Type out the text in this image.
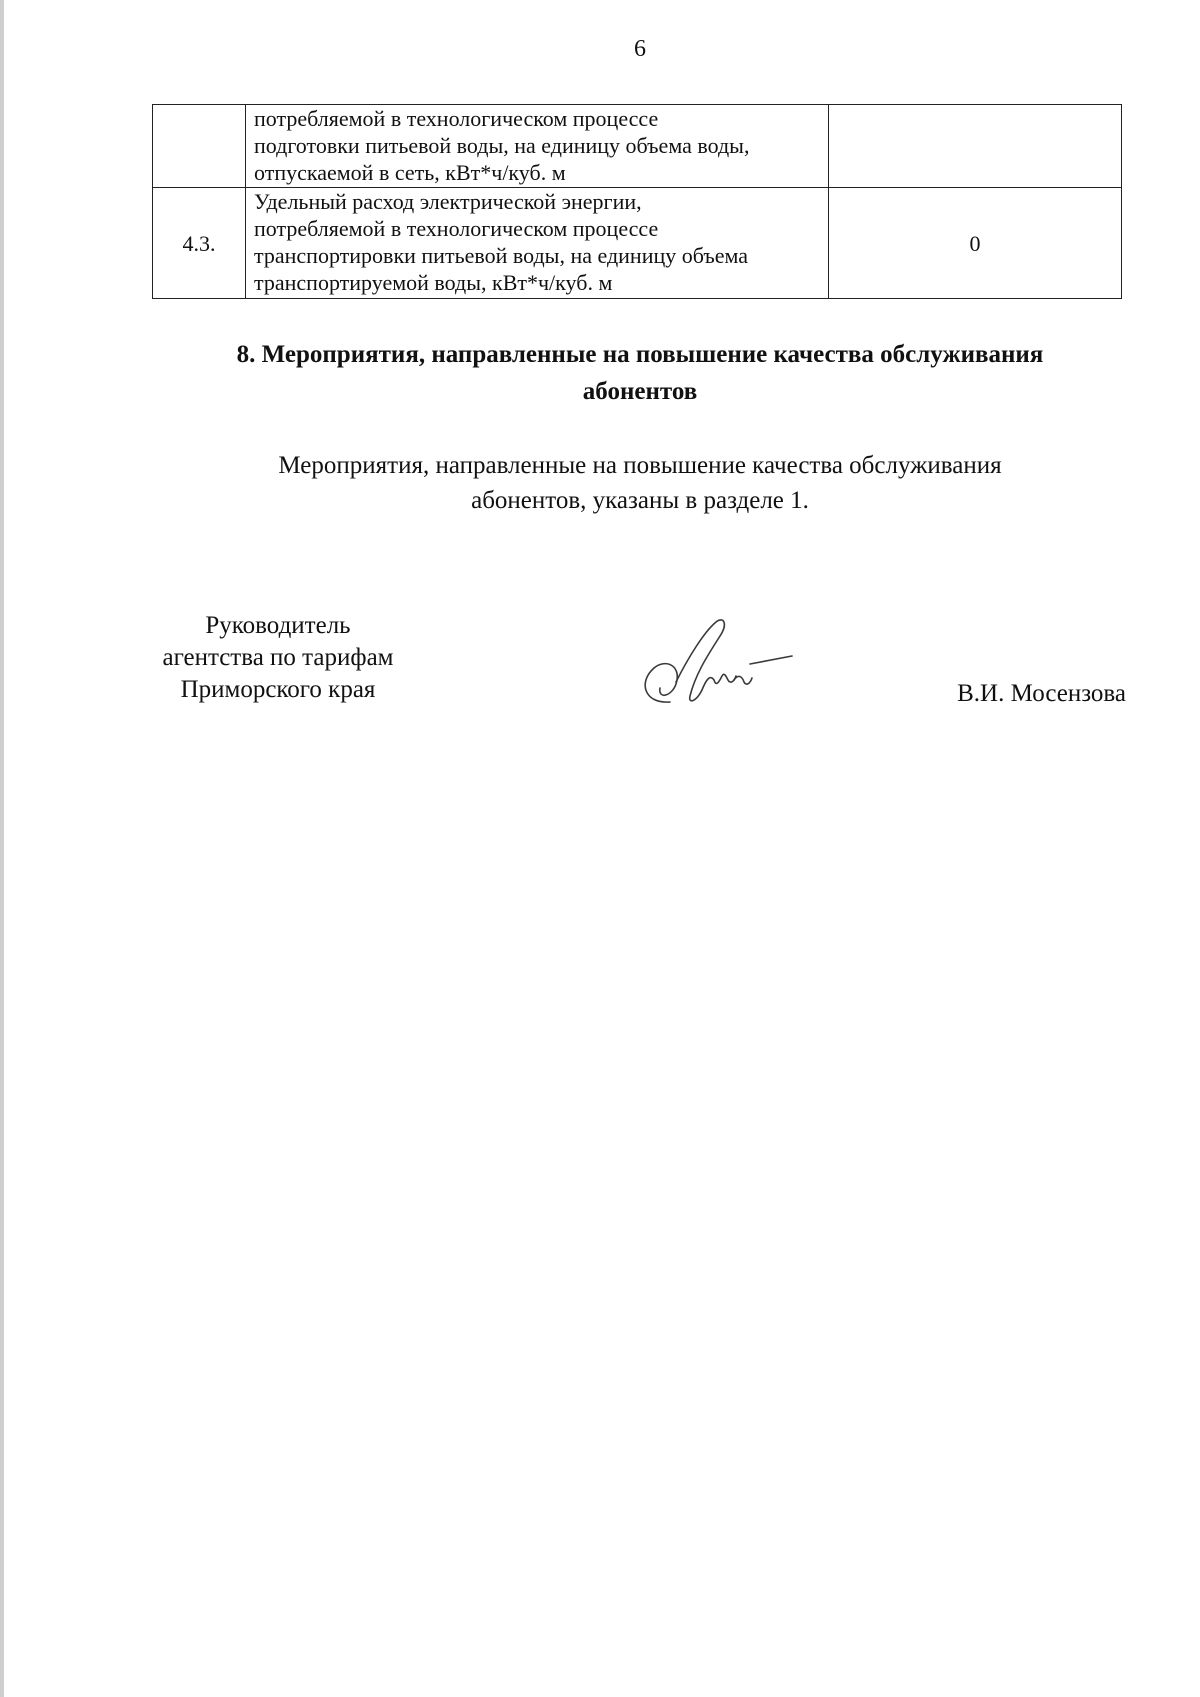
6

	потребляемой в технологическом процессе
подготовки питьевой воды, на единицу объема воды,
отпускаемой в сеть, кВт*ч/куб. м	

4.3.	Удельный расход электрической энергии,
потребляемой в технологическом процессе
транспортировки питьевой воды, на единицу объема
транспортируемой воды, кВт*ч/куб. м	0
8. Мероприятия, направленные на повышение качества обслуживания
абонентов
Мероприятия, направленные на повышение качества обслуживания
абонентов, указаны в разделе 1.
Руководитель
агентства по тарифам
Приморского края	В.И. Мосензова
